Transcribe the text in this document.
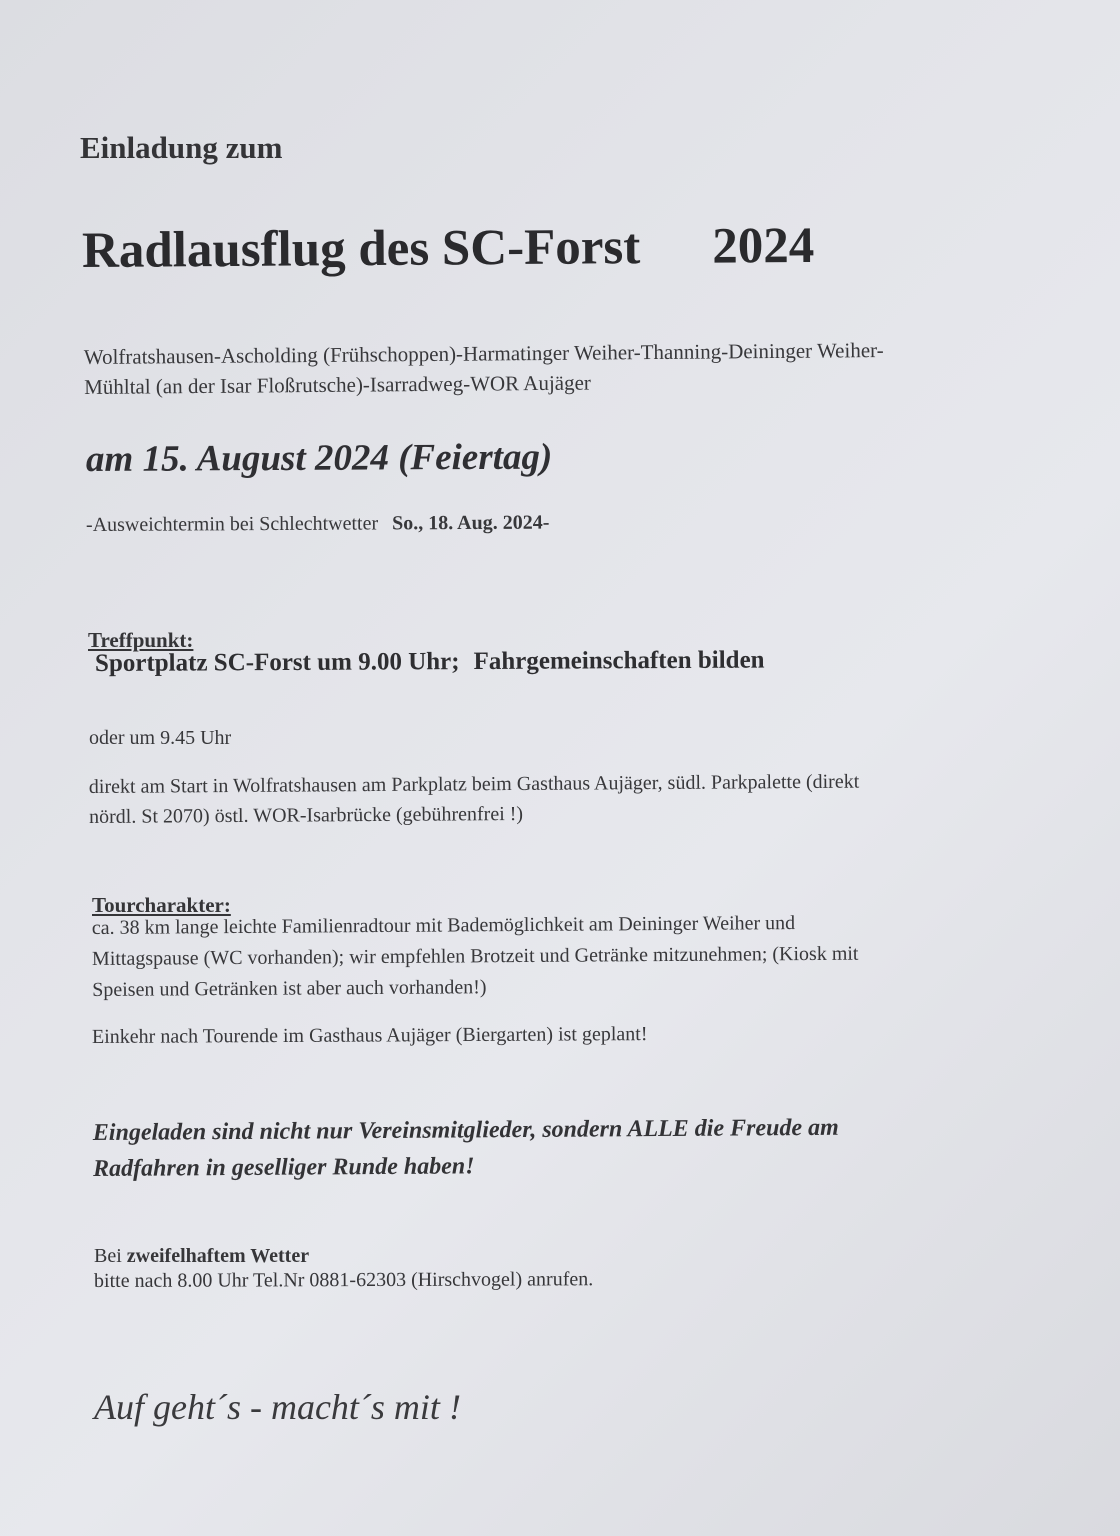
Einladung zum

Radlausflug des SC-Forst 2024
Wolfratshausen-Ascholding (Frühschoppen)-Harmatinger Weiher-Thanning-Deininger Weiher-
Mühltal (an der Isar Floßrutsche)-Isarradweg-WOR Aujäger

am 15. August 2024 (Feiertag)

-Ausweichtermin bei Schlechtwetter So., 18. Aug. 2024-

Treffpunkt:

Sportplatz SC-Forst um 9.00 Uhr; Fahrgemeinschaften bilden

oder um 9.45 Uhr

direkt am Start in Wolfratshausen am Parkplatz beim Gasthaus Aujäger, südl. Parkpalette (direkt
nördl. St 2070) östl. WOR-Isarbrücke (gebührenfrei !)

Tourcharakter:

ca. 38 km lange leichte Familienradtour mit Bademöglichkeit am Deininger Weiher und
Mittagspause (WC vorhanden); wir empfehlen Brotzeit und Getränke mitzunehmen; (Kiosk mit
Speisen und Getränken ist aber auch vorhanden!)

Einkehr nach Tourende im Gasthaus Aujäger (Biergarten) ist geplant!

Eingeladen sind nicht nur Vereinsmitglieder, sondern ALLE die Freude am
Radfahren in geselliger Runde haben!

Bei zweifelhaftem Wetter

bitte nach 8.00 Uhr Tel.Nr 0881-62303 (Hirschvogel) anrufen.

Auf geht´s - macht´s mit !
